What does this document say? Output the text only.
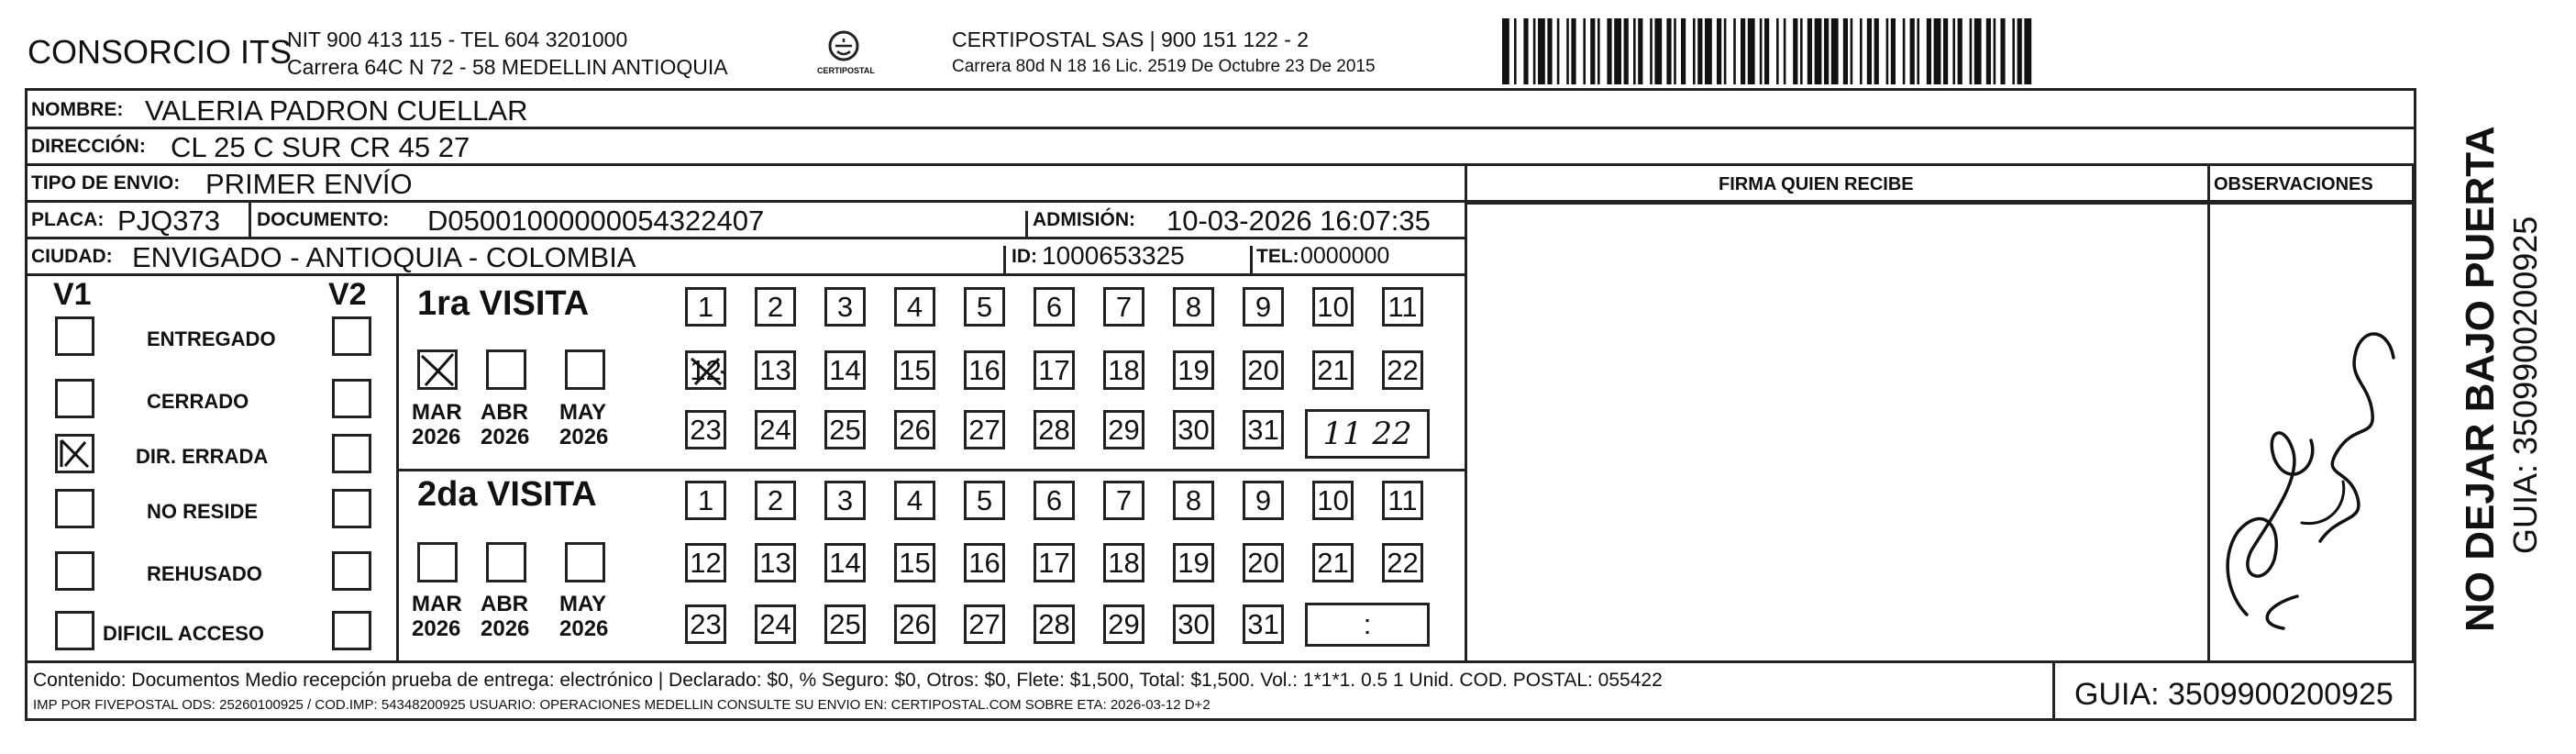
CONSORCIO ITS
NIT 900 413 115 - TEL 604 3201000
Carrera 64C N 72 - 58 MEDELLIN ANTIOQUIA	CERTIPOSTAL
CERTIPOSTAL SAS | 900 151 122 - 2
Carrera 80d N 18 16 Lic. 2519 De Octubre 23 De 2015
NOMBRE: VALERIA PADRON CUELLAR
DIRECCIÓN: CL 25 C SUR CR 45 27
TIPO DE ENVIO: PRIMER ENVÍO	FIRMA QUIEN RECIBE	OBSERVACIONES
PLACA: PJQ373 DOCUMENTO: D05001000000054322407	ADMISIÓN: 10-03-2026 16:07:35
CIUDAD: ENVIGADO - ANTIOQUIA - COLOMBIA	ID: 1000653325	TEL: 0000000
V1	V2
ENTREGADO
CERRADO
DIR. ERRADA
NO RESIDE
REHUSADO
DIFICIL ACCESO
1ra VISITA
MAR
2026
ABR
2026
MAY
2026
1 2 3 4 5 6 7 8 9 10 11
12 13 14 15 16 17 18 19 20 21 22
23 24 25 26 27 28 29 30 31 11 22
2da VISITA
MAR
2026
ABR
2026
MAY
2026
1 2 3 4 5 6 7 8 9 10 11
12 13 14 15 16 17 18 19 20 21 22
23 24 25 26 27 28 29 30 31	:	NO DEJAR BAJO PUERTA GUIA: 3509900200925
Contenido: Documentos Medio recepción prueba de entrega: electrónico | Declarado: $0, % Seguro: $0, Otros: $0, Flete: $1,500, Total: $1,500. Vol.: 1*1*1. 0.5 1 Unid. COD. POSTAL: 055422
IMP POR FIVEPOSTAL ODS: 25260100925 / COD.IMP: 54348200925 USUARIO: OPERACIONES MEDELLIN CONSULTE SU ENVIO EN: CERTIPOSTAL.COM SOBRE ETA: 2026-03-12 D+2	GUIA: 3509900200925
